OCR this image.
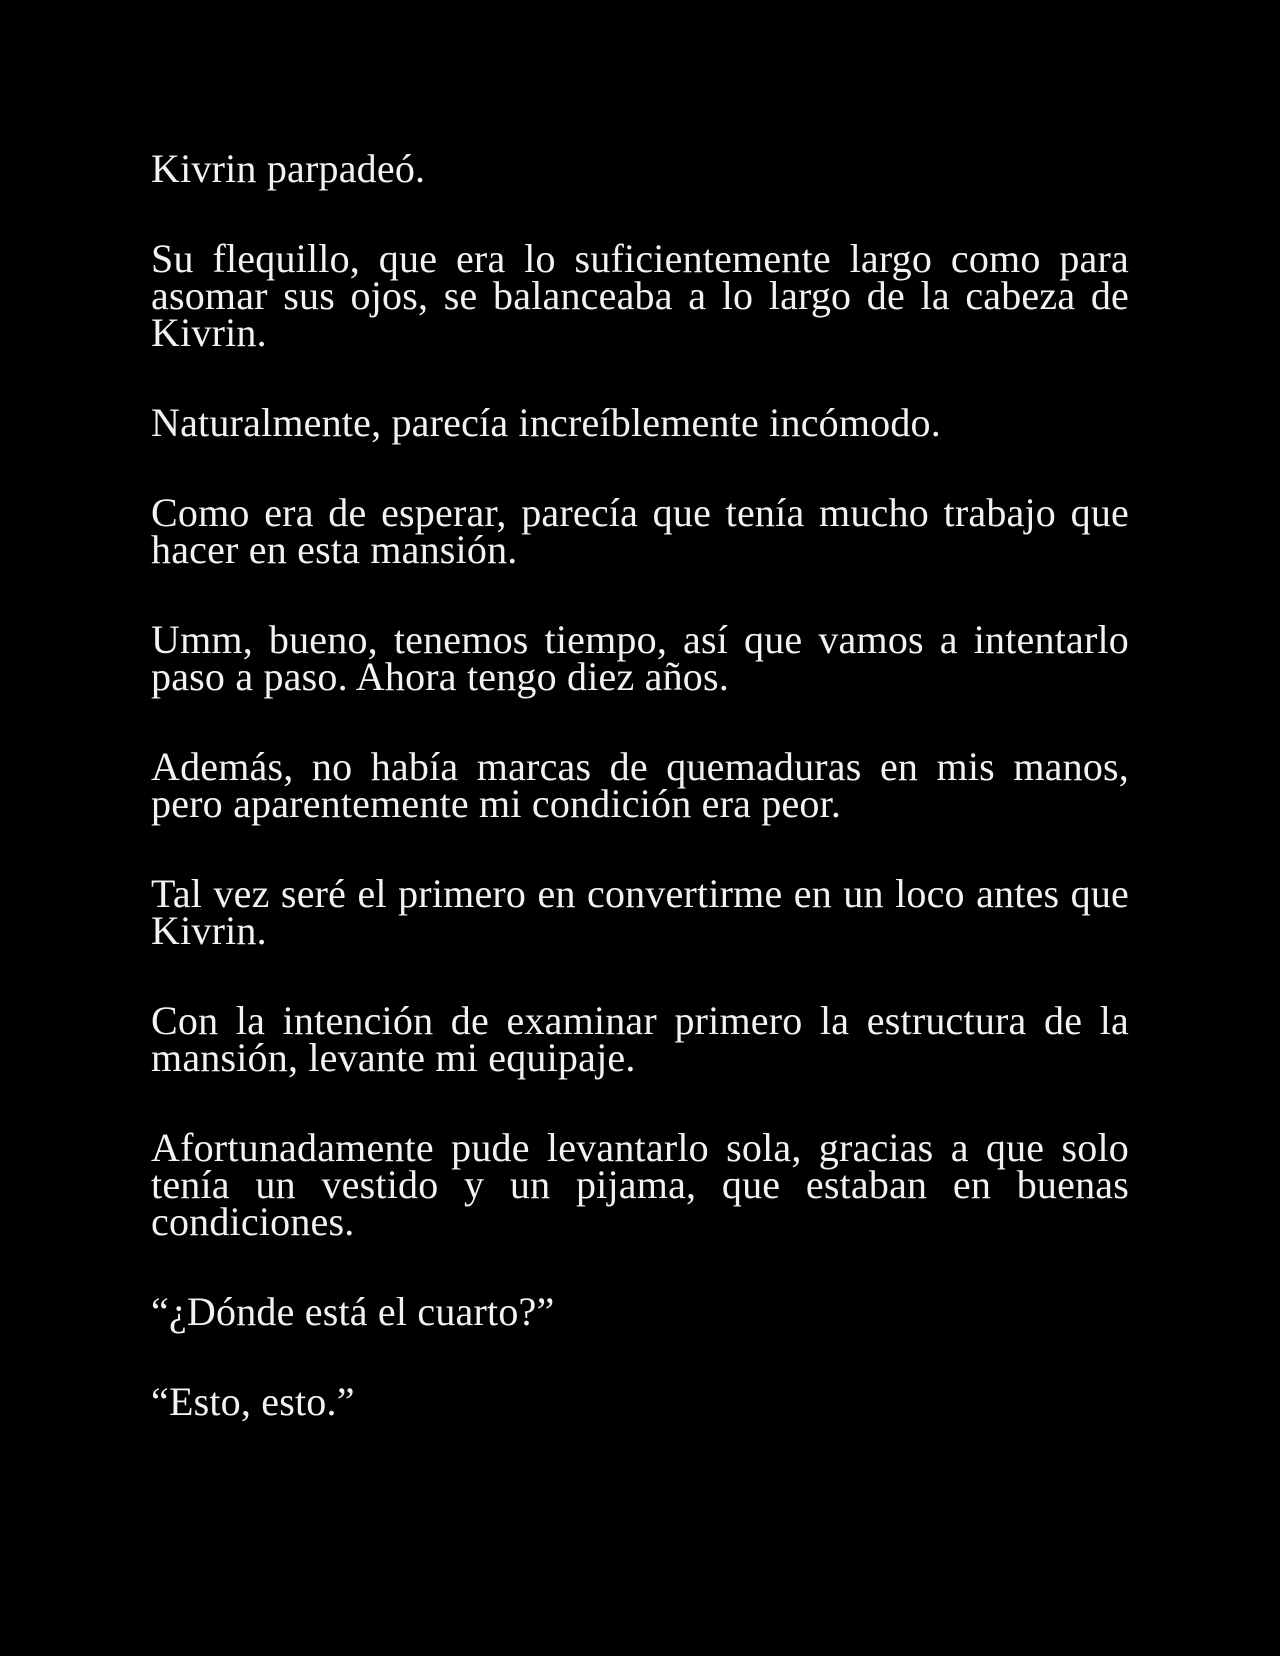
Kivrin parpadeó.

Su flequillo, que era lo suficientemente largo como para asomar sus ojos, se balanceaba a lo largo de la cabeza de Kivrin.

Naturalmente, parecía increíblemente incómodo.

Como era de esperar, parecía que tenía mucho trabajo que hacer en esta mansión.

Umm, bueno, tenemos tiempo, así que vamos a intentarlo paso a paso. Ahora tengo diez años.

Además, no había marcas de quemaduras en mis manos, pero aparentemente mi condición era peor.

Tal vez seré el primero en convertirme en un loco antes que Kivrin.

Con la intención de examinar primero la estructura de la mansión, levante mi equipaje.

Afortunadamente pude levantarlo sola, gracias a que solo tenía un vestido y un pijama, que estaban en buenas condiciones.

“¿Dónde está el cuarto?”

“Esto, esto.”
